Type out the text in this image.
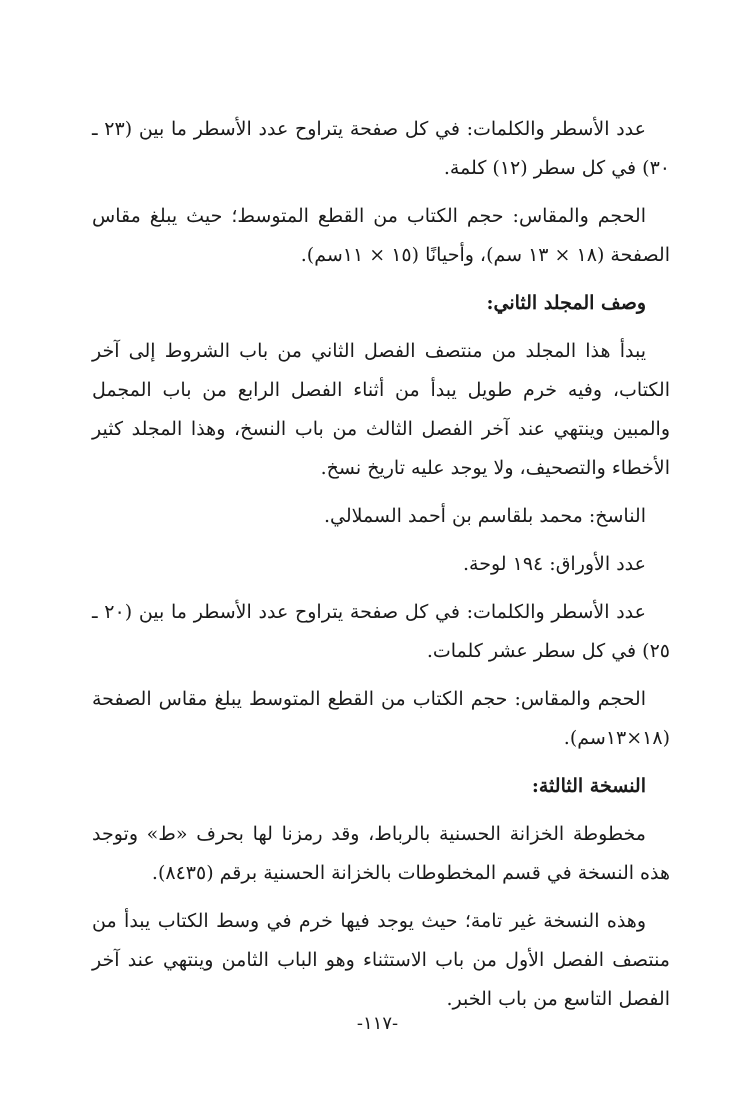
عدد الأسطر والكلمات: في كل صفحة يتراوح عدد الأسطر ما بين (٢٣ ـ ٣٠) في كل سطر (١٢) كلمة.

الحجم والمقاس: حجم الكتاب من القطع المتوسط؛ حيث يبلغ مقاس الصفحة (١٨ × ١٣ سم)، وأحيانًا (١٥ × ١١سم).

وصف المجلد الثاني:

يبدأ هذا المجلد من منتصف الفصل الثاني من باب الشروط إلى آخر الكتاب، وفيه خرم طويل يبدأ من أثناء الفصل الرابع من باب المجمل والمبين وينتهي عند آخر الفصل الثالث من باب النسخ، وهذا المجلد كثير الأخطاء والتصحيف، ولا يوجد عليه تاريخ نسخ.

الناسخ: محمد بلقاسم بن أحمد السملالي.

عدد الأوراق: ١٩٤ لوحة.

عدد الأسطر والكلمات: في كل صفحة يتراوح عدد الأسطر ما بين (٢٠ ـ ٢٥) في كل سطر عشر كلمات.

الحجم والمقاس: حجم الكتاب من القطع المتوسط يبلغ مقاس الصفحة (١٨×١٣سم).

النسخة الثالثة:

مخطوطة الخزانة الحسنية بالرباط، وقد رمزنا لها بحرف «ط» وتوجد هذه النسخة في قسم المخطوطات بالخزانة الحسنية برقم (٨٤٣٥).

وهذه النسخة غير تامة؛ حيث يوجد فيها خرم في وسط الكتاب يبدأ من منتصف الفصل الأول من باب الاستثناء وهو الباب الثامن وينتهي عند آخر الفصل التاسع من باب الخبر.

-١١٧-
